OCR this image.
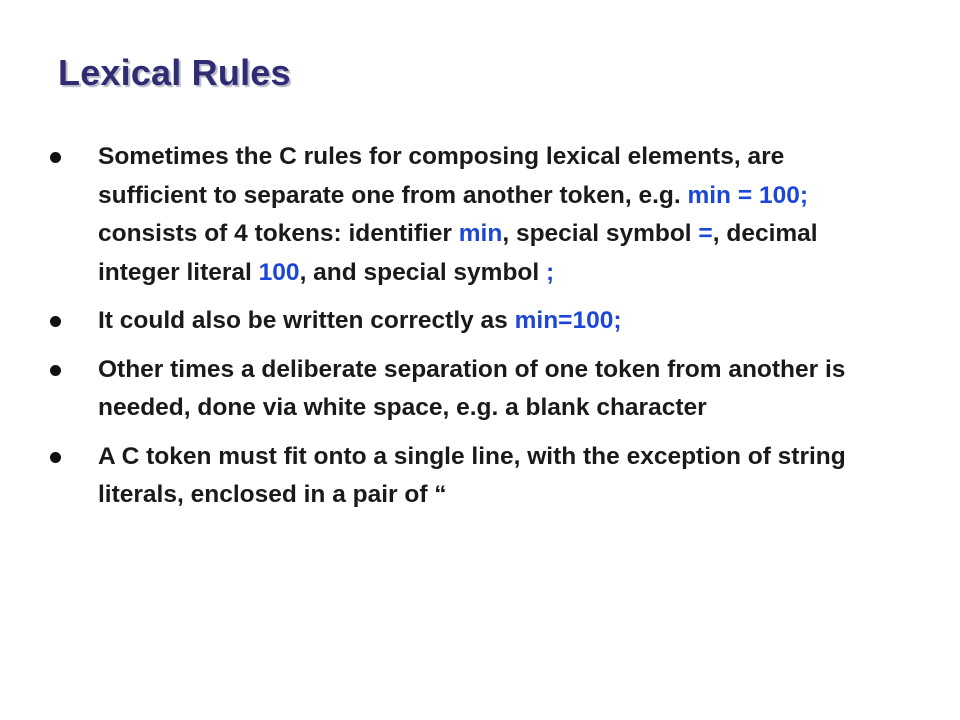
Lexical Rules
Sometimes the C rules for composing lexical elements, are sufficient to separate one from another token, e.g. min = 100; consists of 4 tokens: identifier min, special symbol =, decimal integer literal 100, and special symbol ;
It could also be written correctly as min=100;
Other times a deliberate separation of one token from another is needed, done via white space, e.g. a blank character
A C token must fit onto a single line, with the exception of string literals, enclosed in a pair of “
